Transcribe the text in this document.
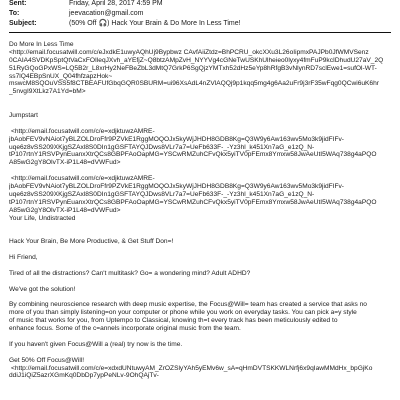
Sent:	Friday, April 28, 2017 4:59 PM
To:	jeevacation@gmail.com
Subject:	(50% Off 🎧) Hack Your Brain & Do More In Less Time!
Do More In Less Time
<http://email.focusatwill.com/c/eJxdkE1uwyAQhUj9Bypbwz CAvfAiiZtdz=BhPCRU_okcXXu3L26oIipmxPAJPb0JfWMVSenz
0CAIA4SVDKpSptQtVaCxFOIleqJXvh_aYEfjZ~Q8btzAMpZvH_NYYVg4cGNeTwUSKhUlheieo0lyxy4fmFuP9kcIDhudU27aV_2Q
51RyGQoGPxWS=LQ5B2r_L8xrHy2NeFBeZbL3dMtQ7GrkP6SgQjzYMTxh52dHz5eYp8hRfgB3vNlynRD7sclEwe1=sufOl-WT-
ss7lQ4EBpSnUX_Q04fhfzapzHok~
mswcM8SQOuVSS5f8CTBEAFUfGbqGQR0SBURM=ui96XsAdL4nZVlAQQj9p1kqq5mg4g6Aa2uFr9j3rF35wFqg0QCwi6uK6hr
_5nvgI9XtLkz7A1Yd=bM>
Jumpstart
<http://email.focusatwill.com/c/e=xdjktuwzAMRE-
jbAobFEV9vNAiot7yBLZOLDroFfr9PZVkE1RggMOQOJx5kyWjJHDH8GDB8Kg=Q3W9y6Aw163wv5Mo3k9jidFIFv-
uqe6z8vSS209XKjgSZAxl8S0DIn1gGSFTAYQJDws8VLr7a7=UeFb633F-_-Yz3hl_k451Xn7aG_e1zQ_N-
tP107rtnY1RSVPynEuanxXtrQCs8GBPFAoOapMG=YSCwRMZuhCFvQkx5yiTV0pFEmx8Ymxw58JwAeUtI5WAq738g4aPQO
A85wG2gY8OlvTX-iP1L48=dVWFud>
<http://email.focusatwill.com/c/e=xdjktuwzAMRE-
jbAobFEV9vNAiot7yBLZOLDroFfr9PZVkE1RggMOQOJx5kyWjJHDH8GDB8Kg=Q3W9y6Aw163wv5Mo3k9jidFIFv-
uqe6z8vSS209XKjgSZAxl8S0DIn1gGSFTAYQJDws8VLr7a7=UeFb633F-_-Yz3hl_k451Xn7aG_e1zQ_N-
tP107rtnY1RSVPynEuanxXtrQCs8GBPFAoOapMG=YSCwRMZuhCFvQkx5yiTV0pFEmx8Ymxw58JwAeUtI5WAq738g4aPQO
A85wG2gY8OlvTX-iP1L48=dVWFud>
Your Life, Undistracted
Hack Your Brain, Be More Productive, & Get Stuff Don=!
Hi Friend,
Tired of all the distractions? Can't multitask? Go= a wondering mind? Adult ADHD?
We've got the solution!
By combining neuroscience research with deep music expertise, the Focus@Will= team has created a service that asks no
more of you than simply listening=on your computer or phone while you work on everyday tasks. You can pick a=y style
of music that works for you, from Uptempo to Classical, knowing th=t every track has been meticulously edited to
enhance focus. Some of the c=annels incorporate original music from the team.
If you haven't given Focus@Will a (real) try now is the time.
Get 50% Off Focus@Will!
<http://email.focusatwill.com/c/e=xdxdUNtuwyAM_ZrOZSlyYAh5yEMv6w_sA=qHmDVTSKKWLNrfj6x9qIawMMdHx_bpGjKo
ddiJ1iQiZ5azrXGmKq0DbDp7ypPeNLv-9OhQAjTv-
